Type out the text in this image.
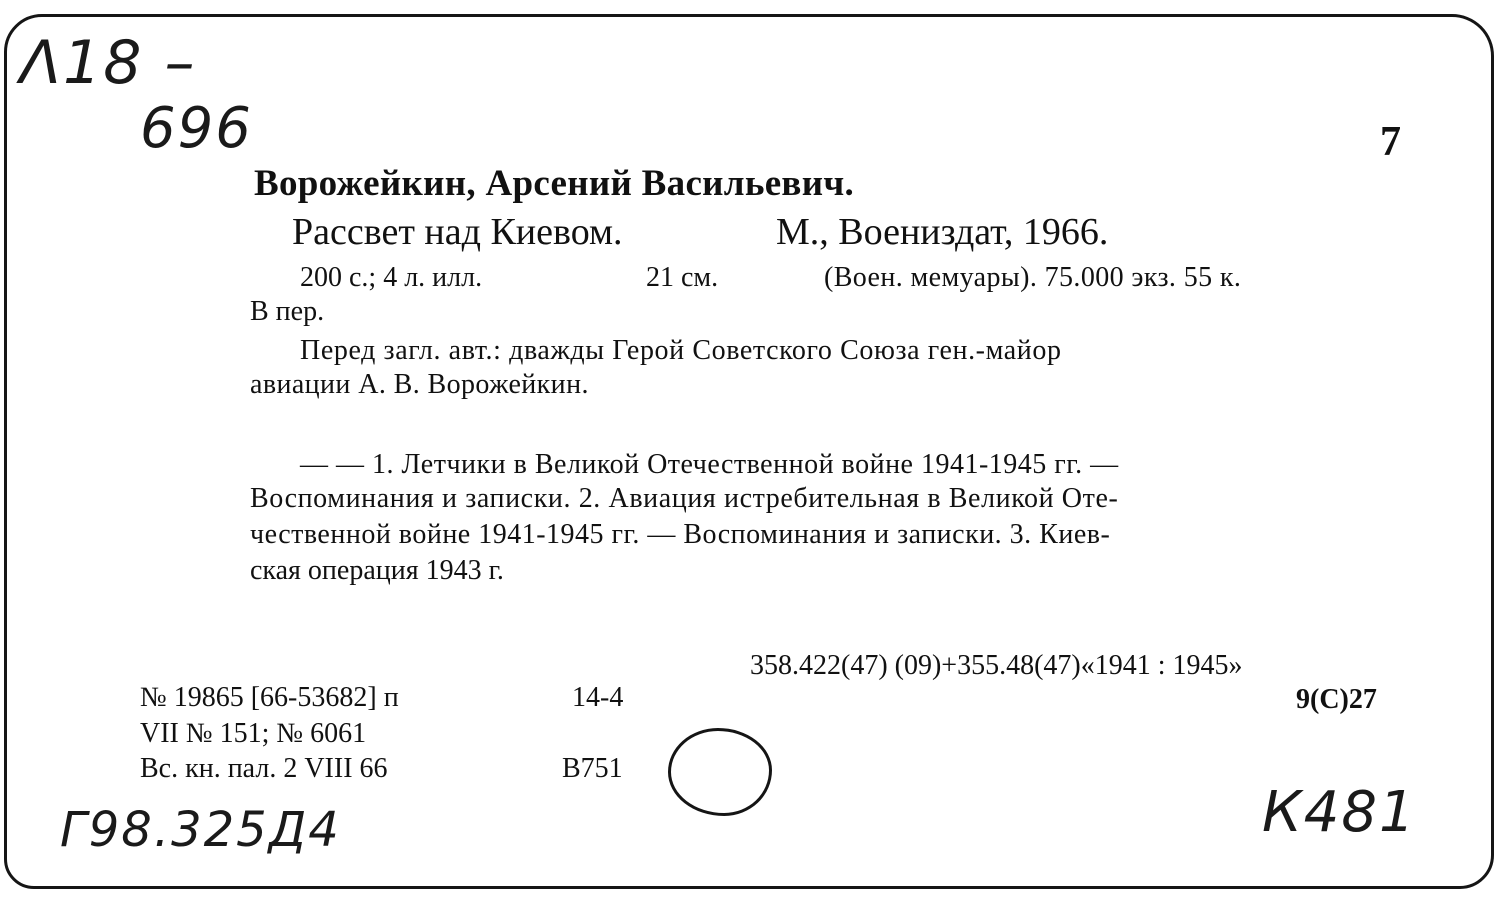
Λ18 –
696	7
Ворожейкин, Арсений Васильевич.
Рассвет над Киевом.	М., Воениздат, 1966.
200 с.; 4 л. илл.	21 см.	(Воен. мемуары). 75.000 экз. 55 к.
В пер.
Перед загл. авт.: дважды Герой Советского Союза ген.-майор
авиации А. В. Ворожейкин.
— — 1. Летчики в Великой Отечественной войне 1941-1945 гг. —
Воспоминания и записки. 2. Авиация истребительная в Великой Оте-
чественной войне 1941-1945 гг. — Воспоминания и записки. 3. Киев-
ская операция 1943 г.
358.422(47) (09)+355.48(47)«1941 : 1945»
9(С)27
№ 19865 [66-53682] п	14-4
VII № 151; № 6061
Вс. кн. пал. 2 VIII 66	В751
Г98.325Д4	К481
